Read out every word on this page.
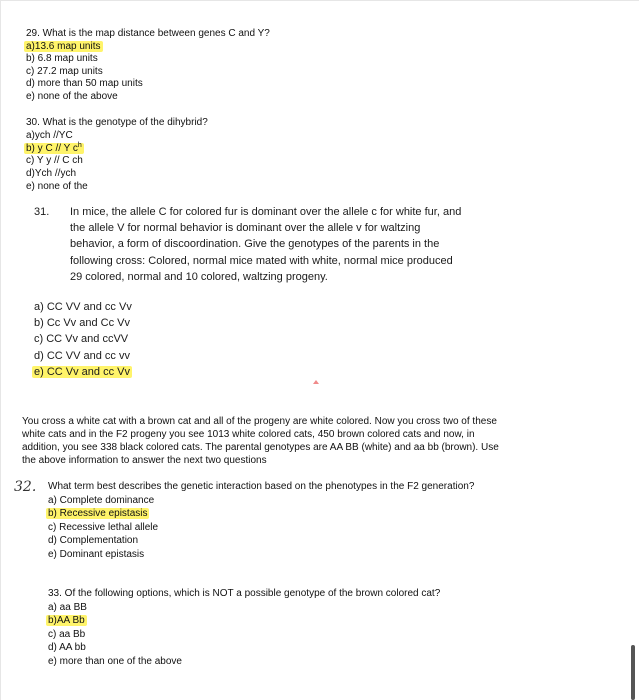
29. What is the map distance between genes C and Y?
a)13.6 map units
b) 6.8 map units
c) 27.2 map units
d) more than 50 map units
e) none of the above
30. What is the genotype of the dihybrid?
a)ych //YC
b) y C // Y $c^h$
c) Y y // C ch
d)Ych //ych
e) none of the
31. In mice, the allele C for colored fur is dominant over the allele c for white fur, and
the allele V for normal behavior is dominant over the allele v for waltzing
behavior, a form of discoordination. Give the genotypes of the parents in the
following cross: Colored, normal mice mated with white, normal mice produced
29 colored, normal and 10 colored, waltzing progeny.
a) CC VV and cc Vv
b) Cc Vv and Cc Vv
c) CC Vv and ccVV
d) CC VV and cc vv
e) CC Vv and cc Vv
You cross a white cat with a brown cat and all of the progeny are white colored. Now you cross two of these
white cats and in the F2 progeny you see 1013 white colored cats, 450 brown colored cats and now, in
addition, you see 338 black colored cats. The parental genotypes are AA BB (white) and aa bb (brown). Use
the above information to answer the next two questions
32. What term best describes the genetic interaction based on the phenotypes in the F2 generation?
a) Complete dominance
b) Recessive epistasis
c) Recessive lethal allele
d) Complementation
e) Dominant epistasis
33. Of the following options, which is NOT a possible genotype of the brown colored cat?
a) aa BB
b)AA Bb
c) aa Bb
d) AA bb
e) more than one of the above
